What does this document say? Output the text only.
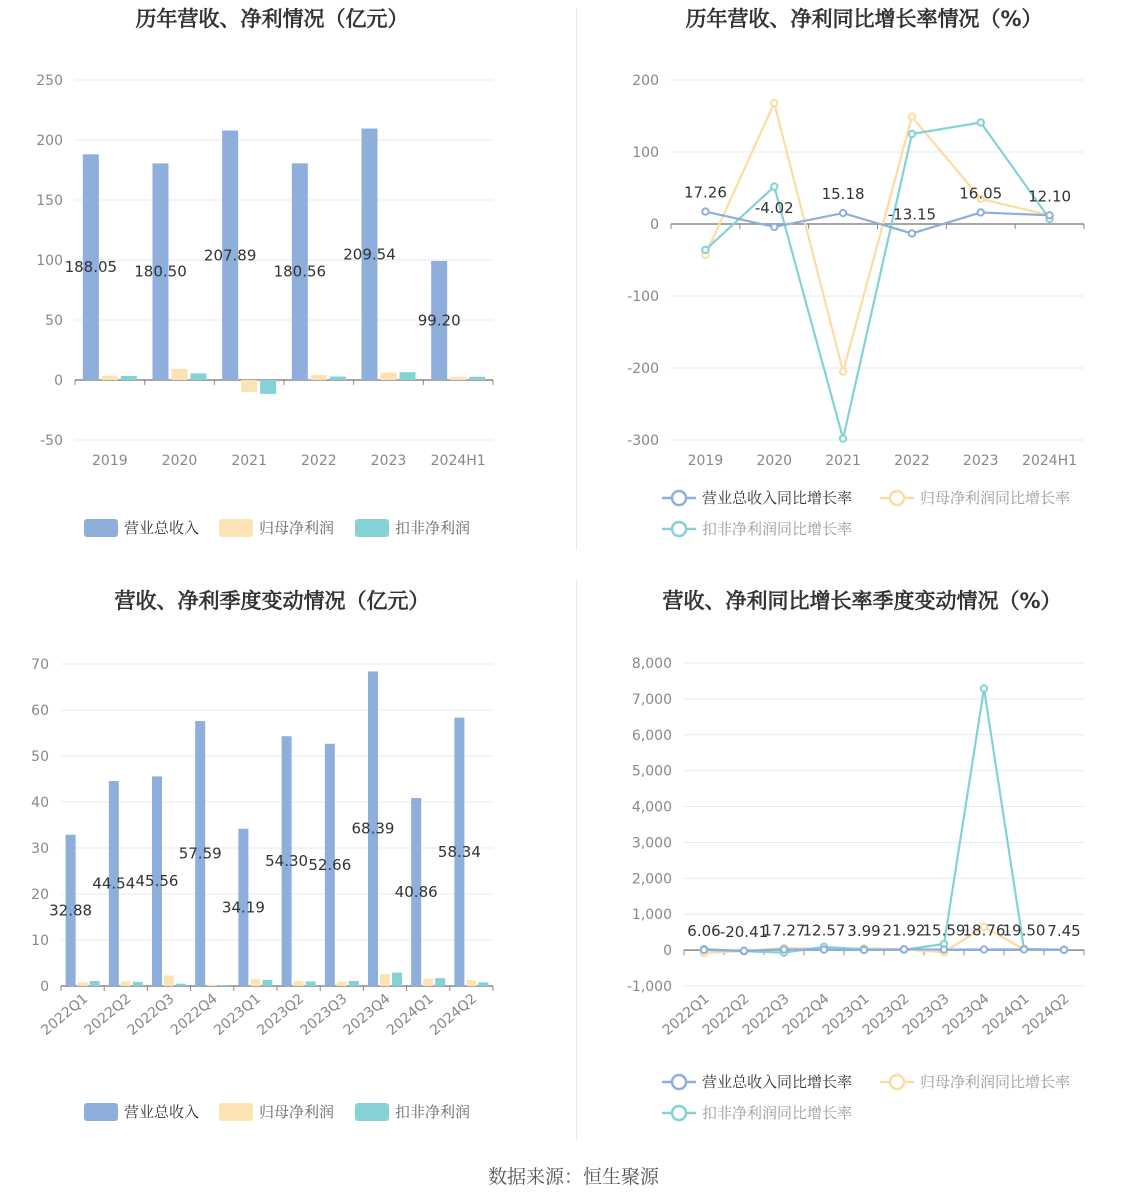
历年营收、净利情况（亿元）
250
200
150
100
50
0
-50
2019 2020 2021 2022 2023 2024H1
188.05 180.50
207.89
180.56
209.54
99.20
营业总收入	归母净利润	扣非净利润
历年营收、净利同比增长率情况（%）
200
100
0
-100
-200
-300
2019 2020 2021 2022 2023 2024H1
17.26
-4.02
15.18
-13.15
16.05 12.10
营业总收入同比增长率	归母净利润同比增长率
扣非净利润同比增长率
营收、净利季度变动情况（亿元）
70
60
50
40
30
20
10
0
2022Q1
2022Q2
2022Q3
2022Q4
2023Q1
2023Q2
2023Q3
2023Q4
2024Q1
2024Q2
32.88
44.54 45.56
57.59
34.19
54.30 52.66
68.39
40.86
58.34
营业总收入	归母净利润	扣非净利润
营收、净利同比增长率季度变动情况（%）
8,000
7,000
6,000
5,000
4,000
3,000
2,000
1,000
0
-1,000
2022Q1
2022Q2
2022Q3
2022Q4
2023Q1
2023Q2
2023Q3
2023Q4
2024Q1
2024Q2
6.06 -20.41
17.27
12.57 3.99 21.92
15.59
18.76
19.50 7.45
营业总收入同比增长率	归母净利润同比增长率
扣非净利润同比增长率
数据来源：恒生聚源
